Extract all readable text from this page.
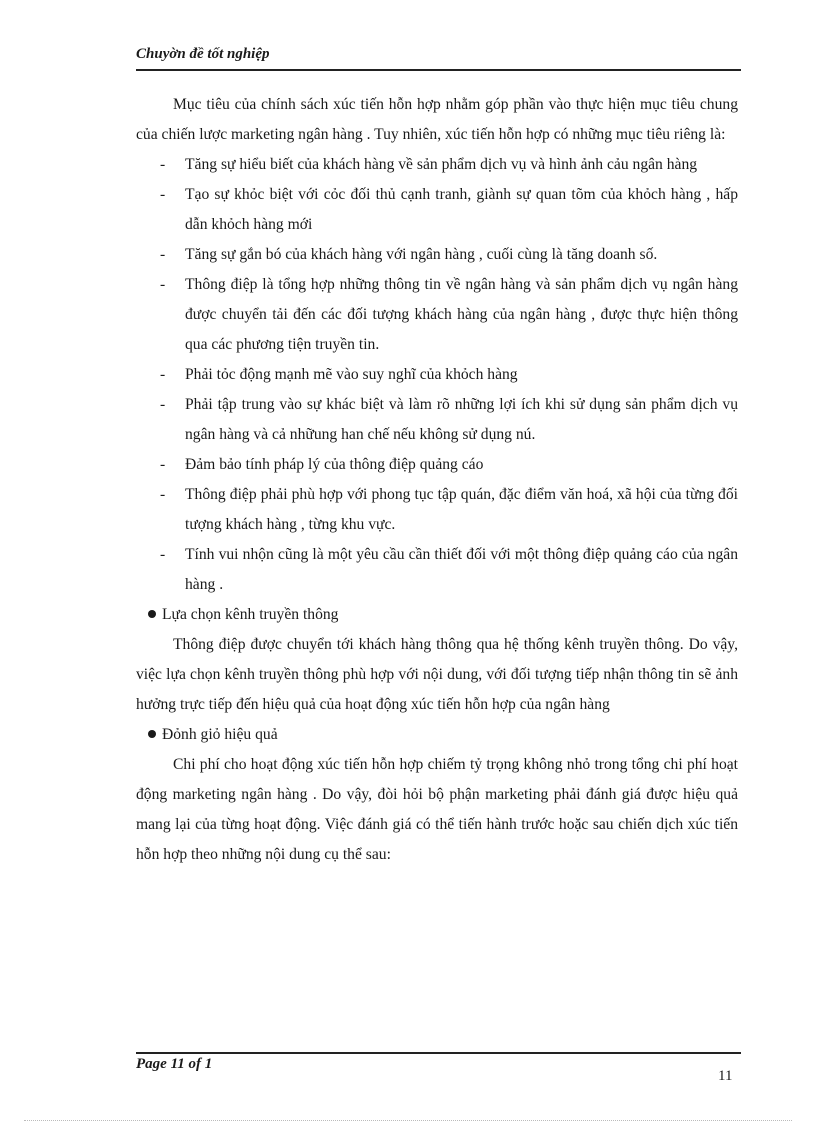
Chuyờn đề tốt nghiệp

Mục tiêu của chính sách xúc tiến hỗn hợp nhằm góp phần vào thực hiện mục tiêu chung của chiến lược marketing ngân hàng . Tuy nhiên, xúc tiến hỗn hợp có những mục tiêu riêng là:

- Tăng sự hiểu biết của khách hàng về sản phẩm dịch vụ và hình ảnh cảu ngân hàng
- Tạo sự khỏc biệt với cỏc đối thủ cạnh tranh, giành sự quan tõm của khỏch hàng , hấp dẫn khỏch hàng mới
- Tăng sự gắn bó của khách hàng với ngân hàng , cuối cùng là tăng doanh số.
- Thông điệp là tổng hợp những thông tin về ngân hàng và sản phẩm dịch vụ ngân hàng được chuyển tải đến các đối tượng khách hàng của ngân hàng , được thực hiện thông qua các phương tiện truyền tin.
- Phải tỏc động mạnh mẽ vào suy nghĩ của khỏch hàng
- Phải tập trung vào sự khác biệt và làm rõ những lợi ích khi sử dụng sản phẩm dịch vụ ngân hàng và cả nhữung han chế nếu không sử dụng nú.
- Đảm bảo tính pháp lý của thông điệp quảng cáo
- Thông điệp phải phù hợp với phong tục tập quán, đặc điểm văn hoá, xã hội của từng đối tượng khách hàng , từng khu vực.
- Tính vui nhộn cũng là một yêu cầu cần thiết đối với một thông điệp quảng cáo của ngân hàng .

Lựa chọn kênh truyền thông

Thông điệp được chuyển tới khách hàng thông qua hệ thống kênh truyền thông. Do vậy, việc lựa chọn kênh truyền thông phù hợp với nội dung, với đối tượng tiếp nhận thông tin sẽ ảnh hưởng trực tiếp đến hiệu quả của hoạt động xúc tiến hỗn hợp của ngân hàng

Đỏnh giỏ hiệu quả

Chi phí cho hoạt động xúc tiến hỗn hợp chiếm tỷ trọng không nhỏ trong tổng chi phí hoạt động marketing ngân hàng . Do vậy, đòi hỏi bộ phận marketing phải đánh giá được hiệu quả mang lại của từng hoạt động. Việc đánh giá có thể tiến hành trước hoặc sau chiến dịch xúc tiến hỗn hợp theo những nội dung cụ thể sau:

Page 11 of 1
11
